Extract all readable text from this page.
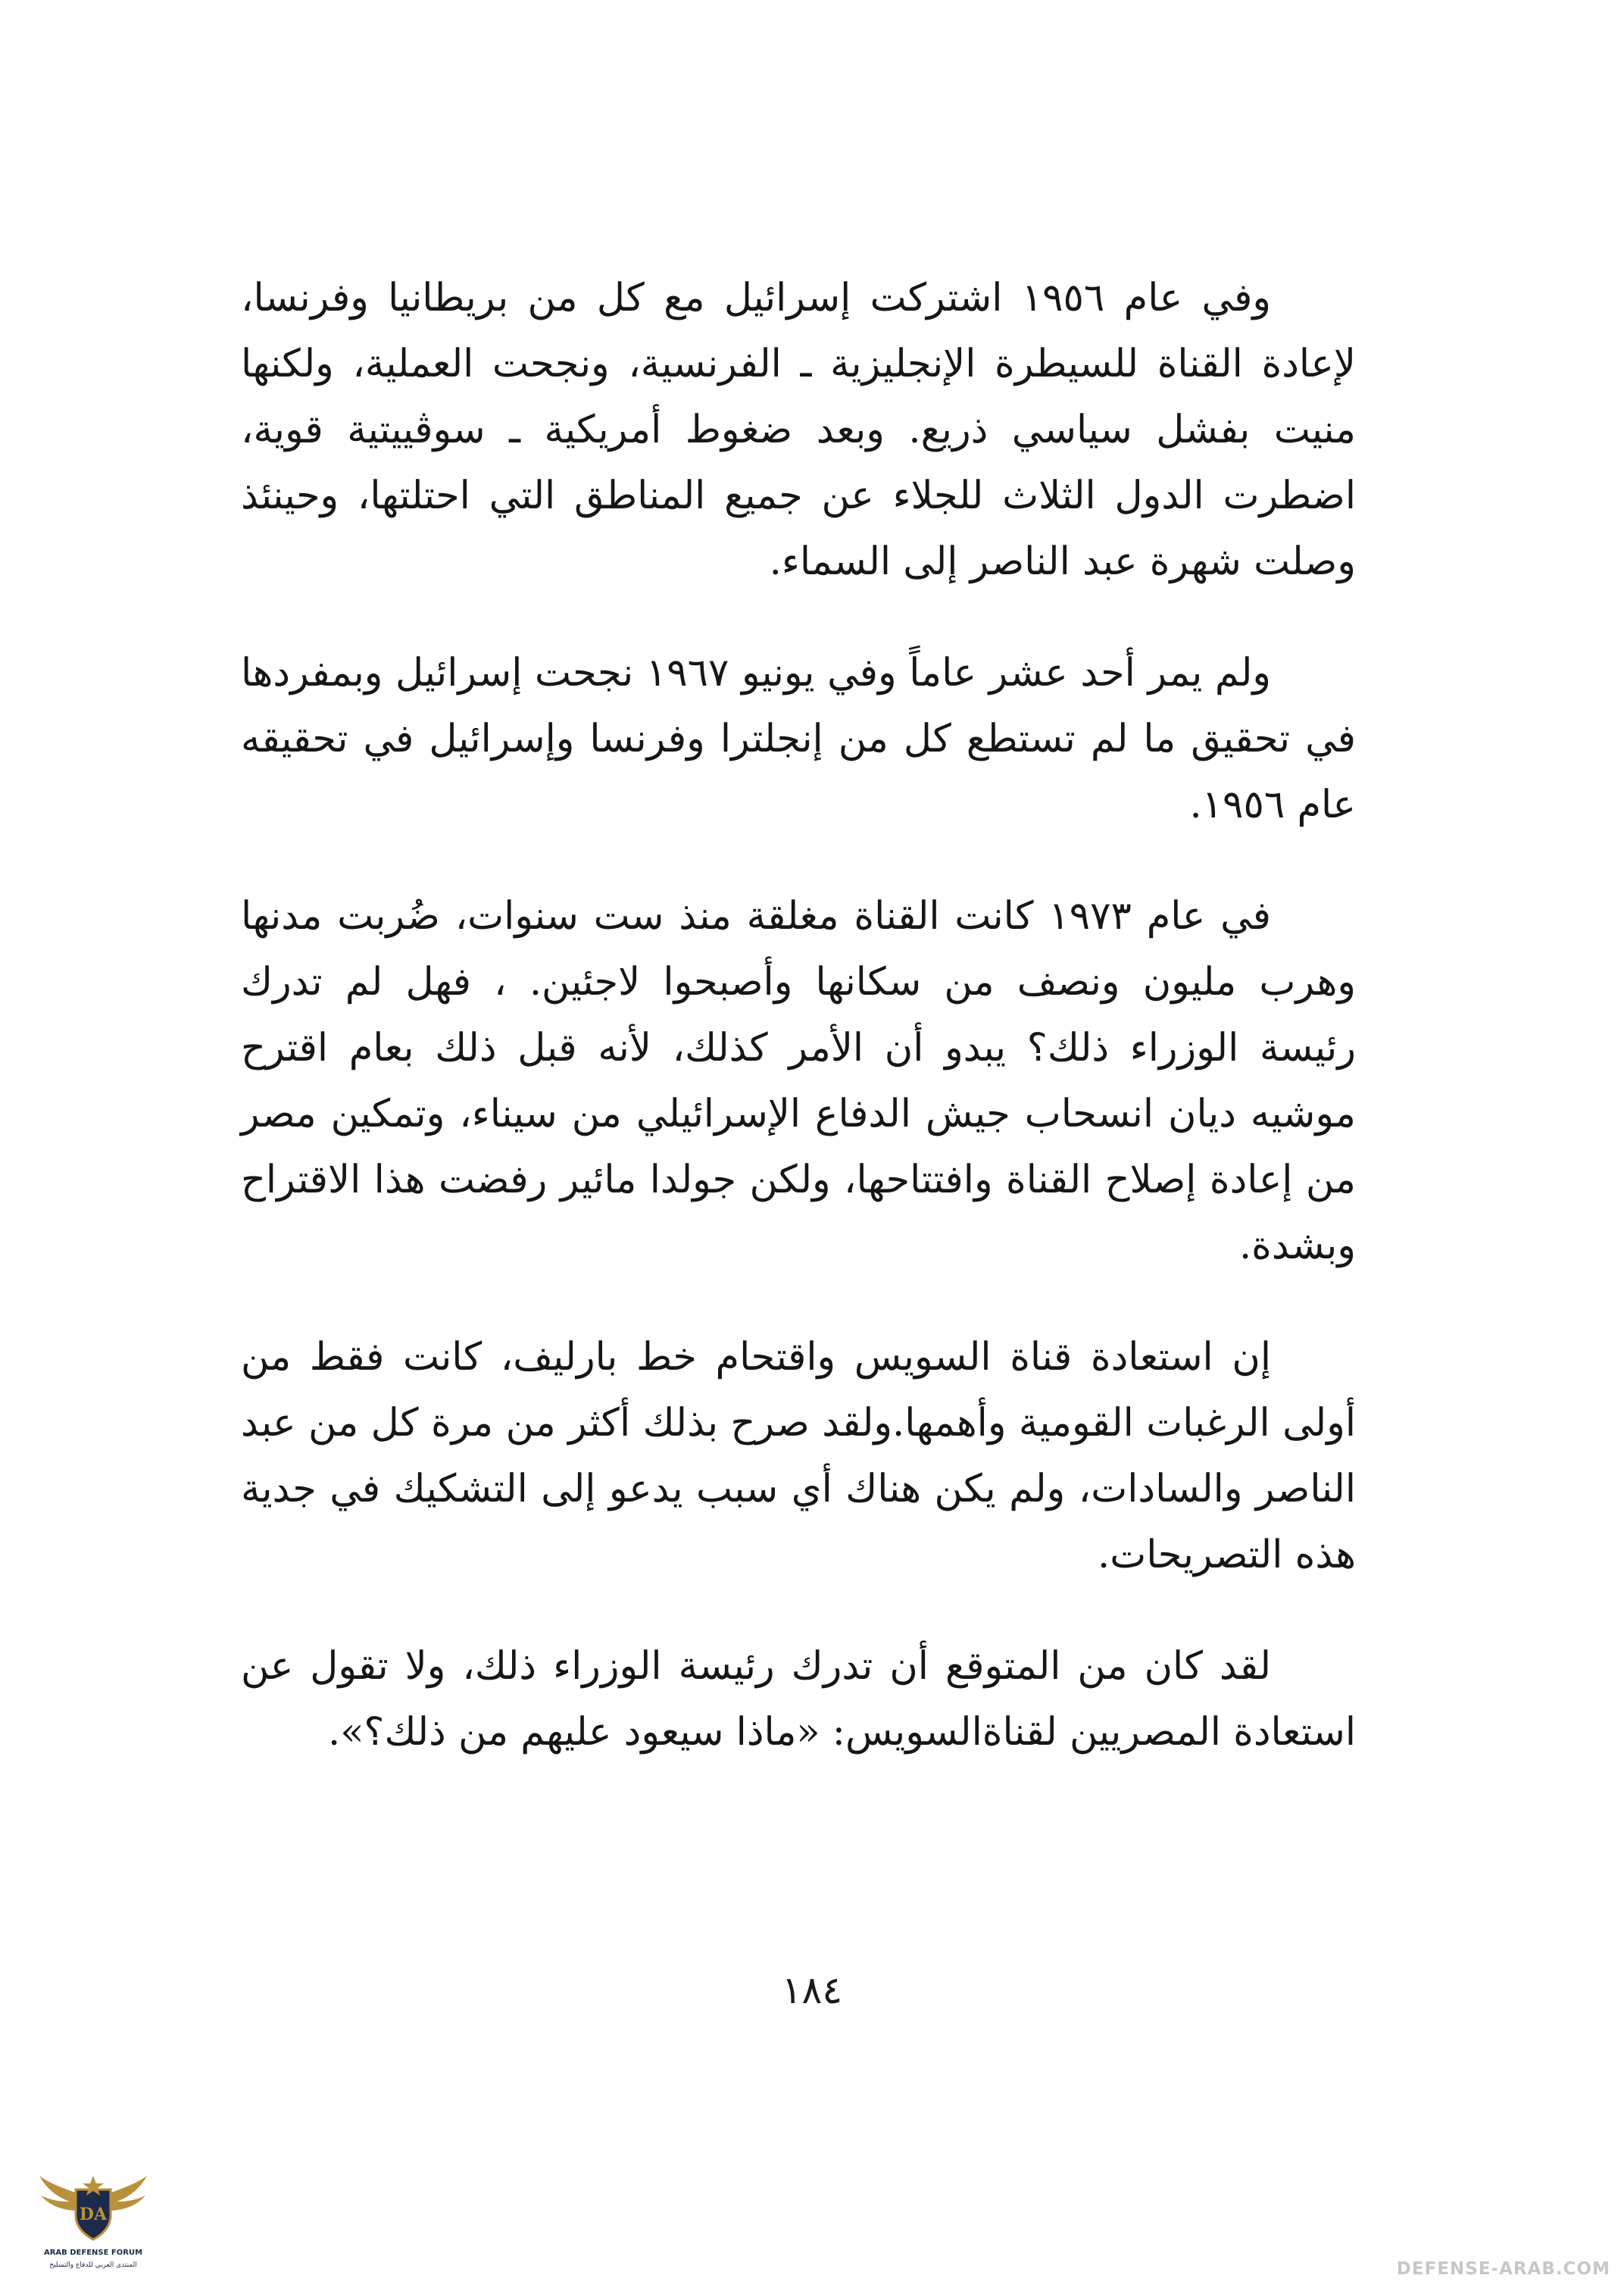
وفي عام ١٩٥٦ اشتركت إسرائيل مع كل من بريطانيا وفرنسا، لإعادة القناة للسيطرة الإنجليزية ـ الفرنسية، ونجحت العملية، ولكنها منيت بفشل سياسي ذريع. وبعد ضغوط أمريكية ـ سوڤييتية قوية، اضطرت الدول الثلاث للجلاء عن جميع المناطق التي احتلتها، وحينئذ وصلت شهرة عبد الناصر إلى السماء.

ولم يمر أحد عشر عاماً وفي يونيو ١٩٦٧ نجحت إسرائيل وبمفردها في تحقيق ما لم تستطع كل من إنجلترا وفرنسا وإسرائيل في تحقيقه عام ١٩٥٦.

في عام ١٩٧٣ كانت القناة مغلقة منذ ست سنوات، ضُربت مدنها وهرب مليون ونصف من سكانها وأصبحوا لاجئين. ، فهل لم تدرك رئيسة الوزراء ذلك؟ يبدو أن الأمر كذلك، لأنه قبل ذلك بعام اقترح موشيه ديان انسحاب جيش الدفاع الإسرائيلي من سيناء، وتمكين مصر من إعادة إصلاح القناة وافتتاحها، ولكن جولدا مائير رفضت هذا الاقتراح وبشدة.

إن استعادة قناة السويس واقتحام خط بارليف، كانت فقط من أولى الرغبات القومية وأهمها.ولقد صرح بذلك أكثر من مرة كل من عبد الناصر والسادات، ولم يكن هناك أي سبب يدعو إلى التشكيك في جدية هذه التصريحات.

لقد كان من المتوقع أن تدرك رئيسة الوزراء ذلك، ولا تقول عن استعادة المصريين لقناةالسويس: «ماذا سيعود عليهم من ذلك؟».

١٨٤
DA
ARAB DEFENSE FORUM
المنتدى العربي للدفاع والتسليح	DEFENSE-ARAB.COM
